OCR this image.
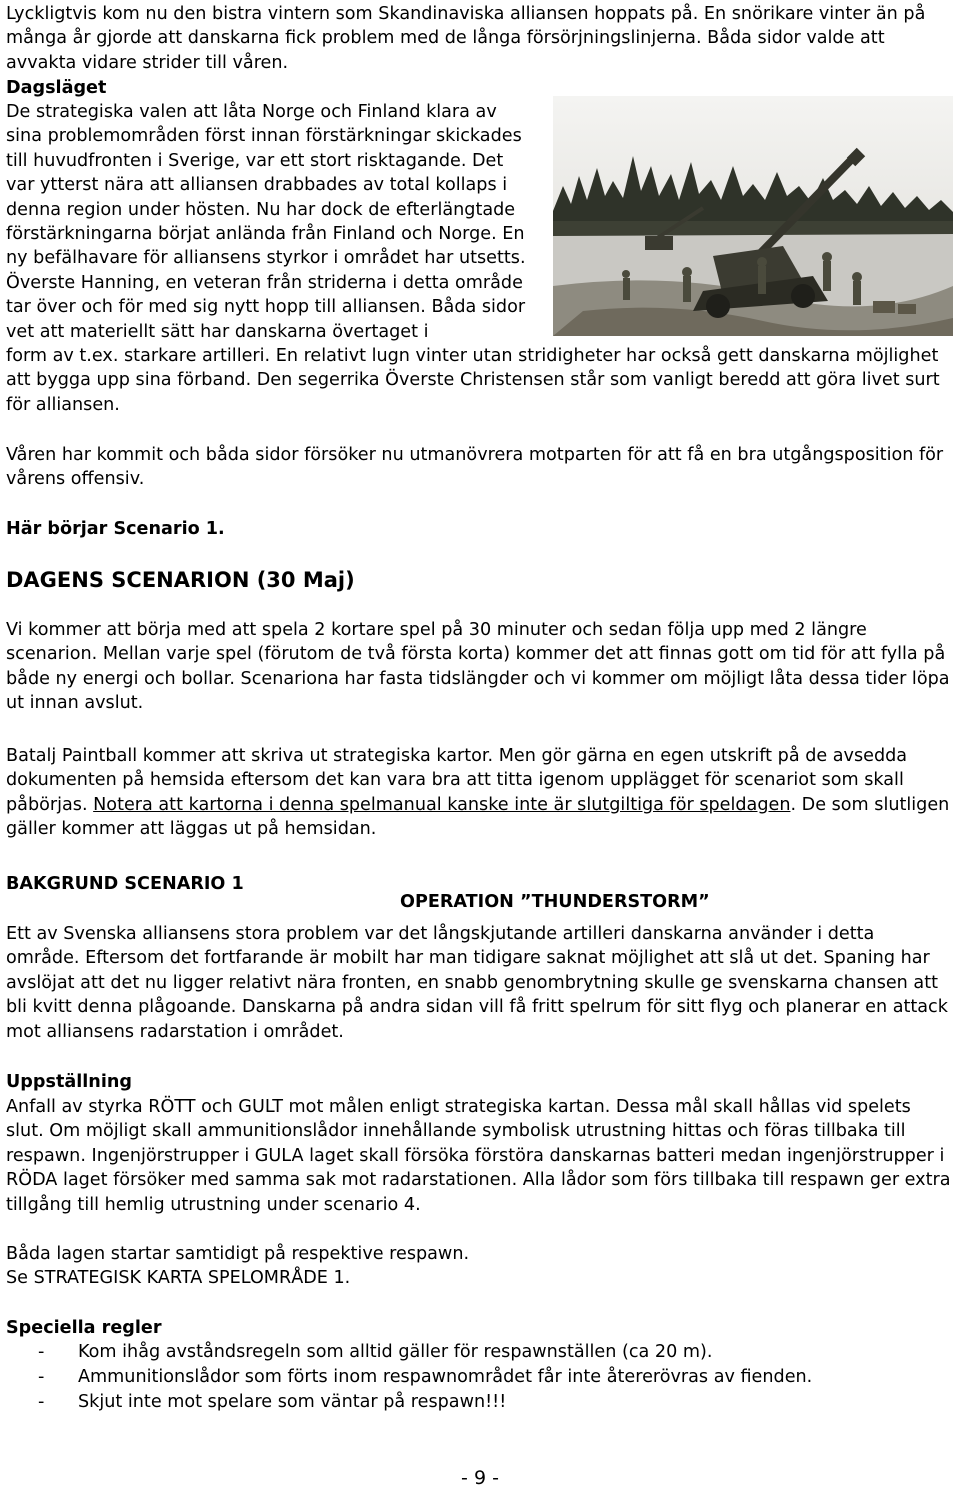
Lyckligtvis kom nu den bistra vintern som Skandinaviska alliansen hoppats på. En snörikare vinter än på många år gjorde att danskarna fick problem med de långa försörjningslinjerna. Båda sidor valde att avvakta vidare strider till våren.

Dagsläget

De strategiska valen att låta Norge och Finland klara av sina problemområden först innan förstärkningar skickades till huvudfronten i Sverige, var ett stort risktagande. Det var ytterst nära att alliansen drabbades av total kollaps i denna region under hösten. Nu har dock de efterlängtade förstärkningarna börjat anlända från Finland och Norge. En ny befälhavare för alliansens styrkor i området har utsetts. Överste Hanning, en veteran från striderna i detta område tar över och för med sig nytt hopp till alliansen. Båda sidor vet att materiellt sätt har danskarna övertaget i

form av t.ex. starkare artilleri. En relativt lugn vinter utan stridigheter har också gett danskarna möjlighet att bygga upp sina förband. Den segerrika Överste Christensen står som vanligt beredd att göra livet surt för alliansen.

Våren har kommit och båda sidor försöker nu utmanövrera motparten för att få en bra utgångsposition för vårens offensiv.

Här börjar Scenario 1.

DAGENS SCENARION (30 Maj)

Vi kommer att börja med att spela 2 kortare spel på 30 minuter och sedan följa upp med 2 längre scenarion. Mellan varje spel (förutom de två första korta) kommer det att finnas gott om tid för att fylla på både ny energi och bollar. Scenariona har fasta tidslängder och vi kommer om möjligt låta dessa tider löpa ut innan avslut.

Batalj Paintball kommer att skriva ut strategiska kartor. Men gör gärna en egen utskrift på de avsedda dokumenten på hemsida eftersom det kan vara bra att titta igenom upplägget för scenariot som skall påbörjas. Notera att kartorna i denna spelmanual kanske inte är slutgiltiga för speldagen. De som slutligen gäller kommer att läggas ut på hemsidan.

BAKGRUND SCENARIO 1

OPERATION ”THUNDERSTORM”

Ett av Svenska alliansens stora problem var det långskjutande artilleri danskarna använder i detta område. Eftersom det fortfarande är mobilt har man tidigare saknat möjlighet att slå ut det. Spaning har avslöjat att det nu ligger relativt nära fronten, en snabb genombrytning skulle ge svenskarna chansen att bli kvitt denna plågoande. Danskarna på andra sidan vill få fritt spelrum för sitt flyg och planerar en attack mot alliansens radarstation i området.

Uppställning

Anfall av styrka RÖTT och GULT mot målen enligt strategiska kartan. Dessa mål skall hållas vid spelets slut. Om möjligt skall ammunitionslådor innehållande symbolisk utrustning hittas och föras tillbaka till respawn. Ingenjörstrupper i GULA laget skall försöka förstöra danskarnas batteri medan ingenjörstrupper i RÖDA laget försöker med samma sak mot radarstationen. Alla lådor som förs tillbaka till respawn ger extra tillgång till hemlig utrustning under scenario 4.

Båda lagen startar samtidigt på respektive respawn.

Se STRATEGISK KARTA SPELOMRÅDE 1.

Speciella regler

- Kom ihåg avståndsregeln som alltid gäller för respawnställen (ca 20 m).
- Ammunitionslådor som förts inom respawnområdet får inte återerövras av fienden.
- Skjut inte mot spelare som väntar på respawn!!!
- 9 -
